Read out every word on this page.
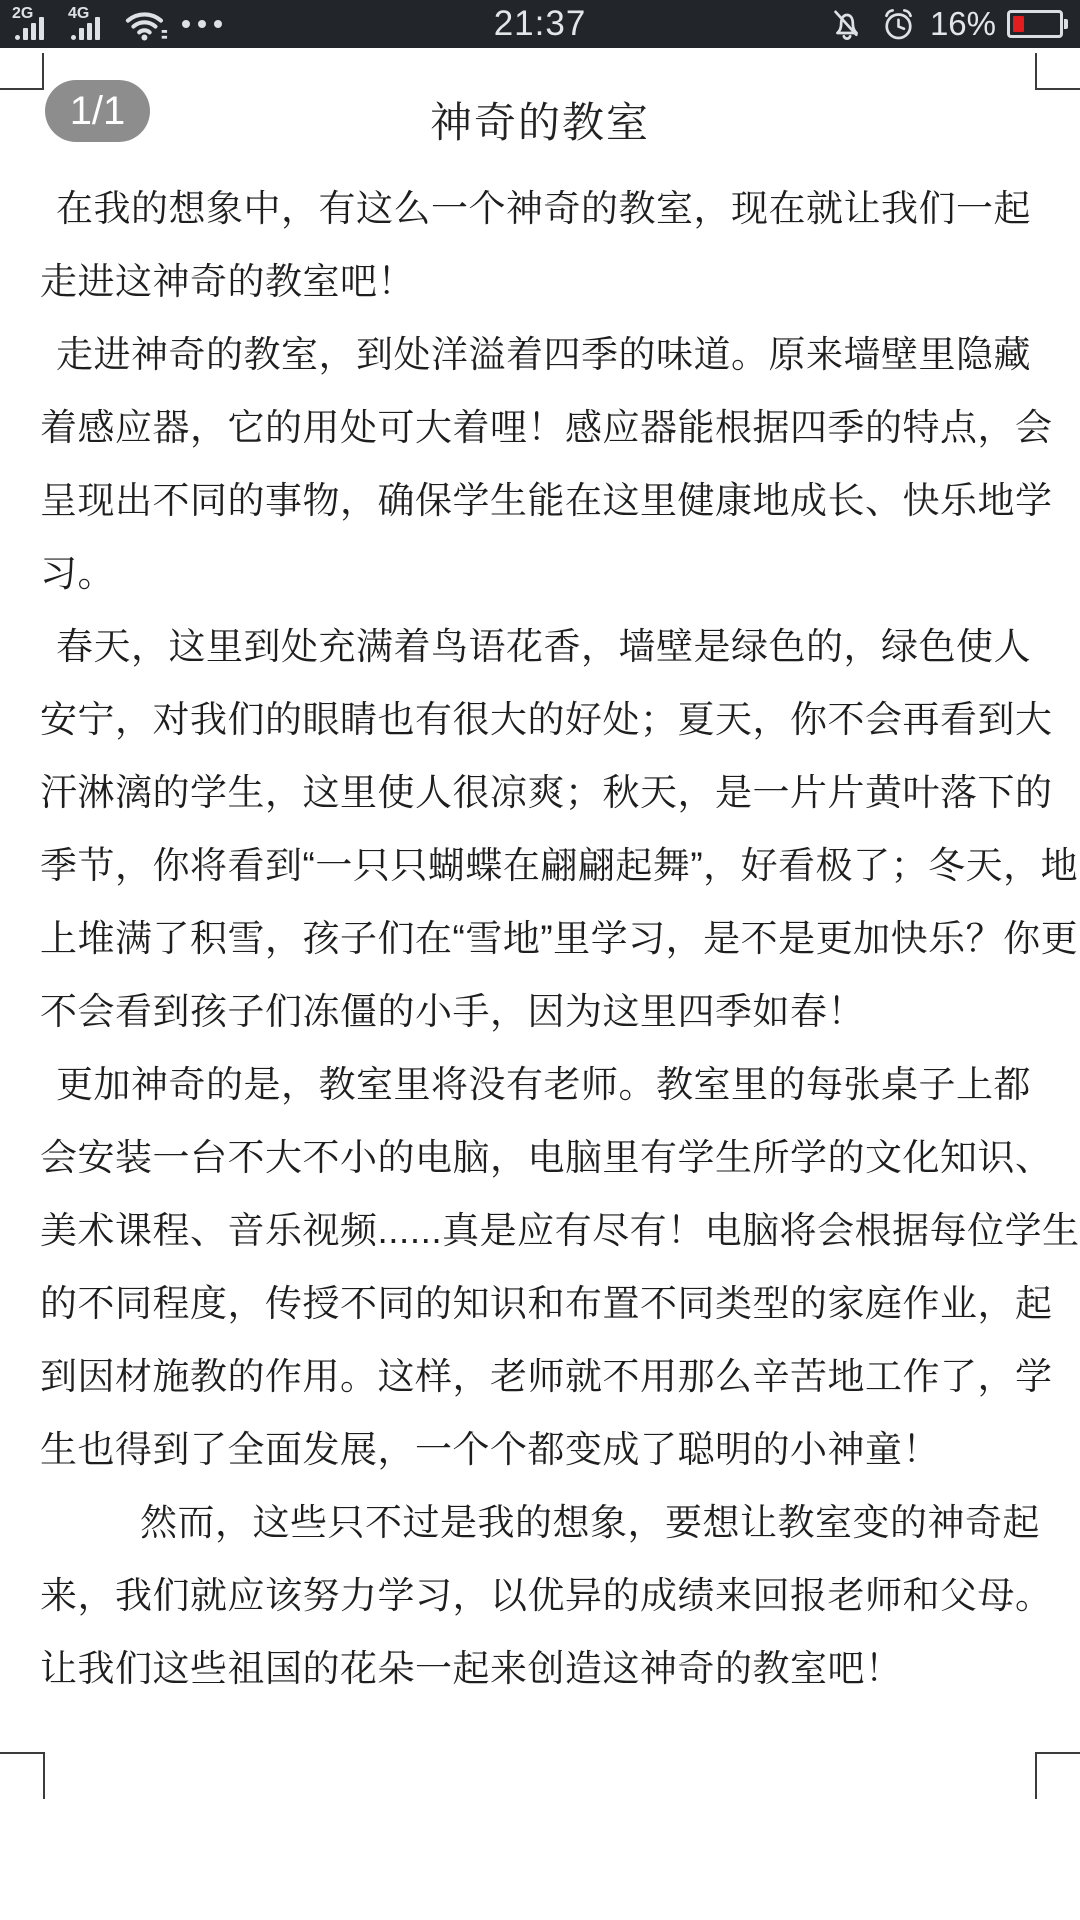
2G 4G	21:37	16%
1/1	神奇的教室
在我的想象中，有这么一个神奇的教室，现在就让我们一起
走进这神奇的教室吧！
走进神奇的教室，到处洋溢着四季的味道。原来墙壁里隐藏
着感应器，它的用处可大着哩！感应器能根据四季的特点，会
呈现出不同的事物，确保学生能在这里健康地成长、快乐地学
习。
春天，这里到处充满着鸟语花香，墙壁是绿色的，绿色使人
安宁，对我们的眼睛也有很大的好处；夏天，你不会再看到大
汗淋漓的学生，这里使人很凉爽；秋天，是一片片黄叶落下的
季节，你将看到“一只只蝴蝶在翩翩起舞”，好看极了；冬天，地
上堆满了积雪，孩子们在“雪地”里学习，是不是更加快乐？你更
不会看到孩子们冻僵的小手，因为这里四季如春！
更加神奇的是，教室里将没有老师。教室里的每张桌子上都
会安装一台不大不小的电脑，电脑里有学生所学的文化知识、
美术课程、音乐视频......真是应有尽有！电脑将会根据每位学生
的不同程度，传授不同的知识和布置不同类型的家庭作业，起
到因材施教的作用。这样，老师就不用那么辛苦地工作了，学
生也得到了全面发展，一个个都变成了聪明的小神童！
然而，这些只不过是我的想象，要想让教室变的神奇起
来，我们就应该努力学习，以优异的成绩来回报老师和父母。
让我们这些祖国的花朵一起来创造这神奇的教室吧！
